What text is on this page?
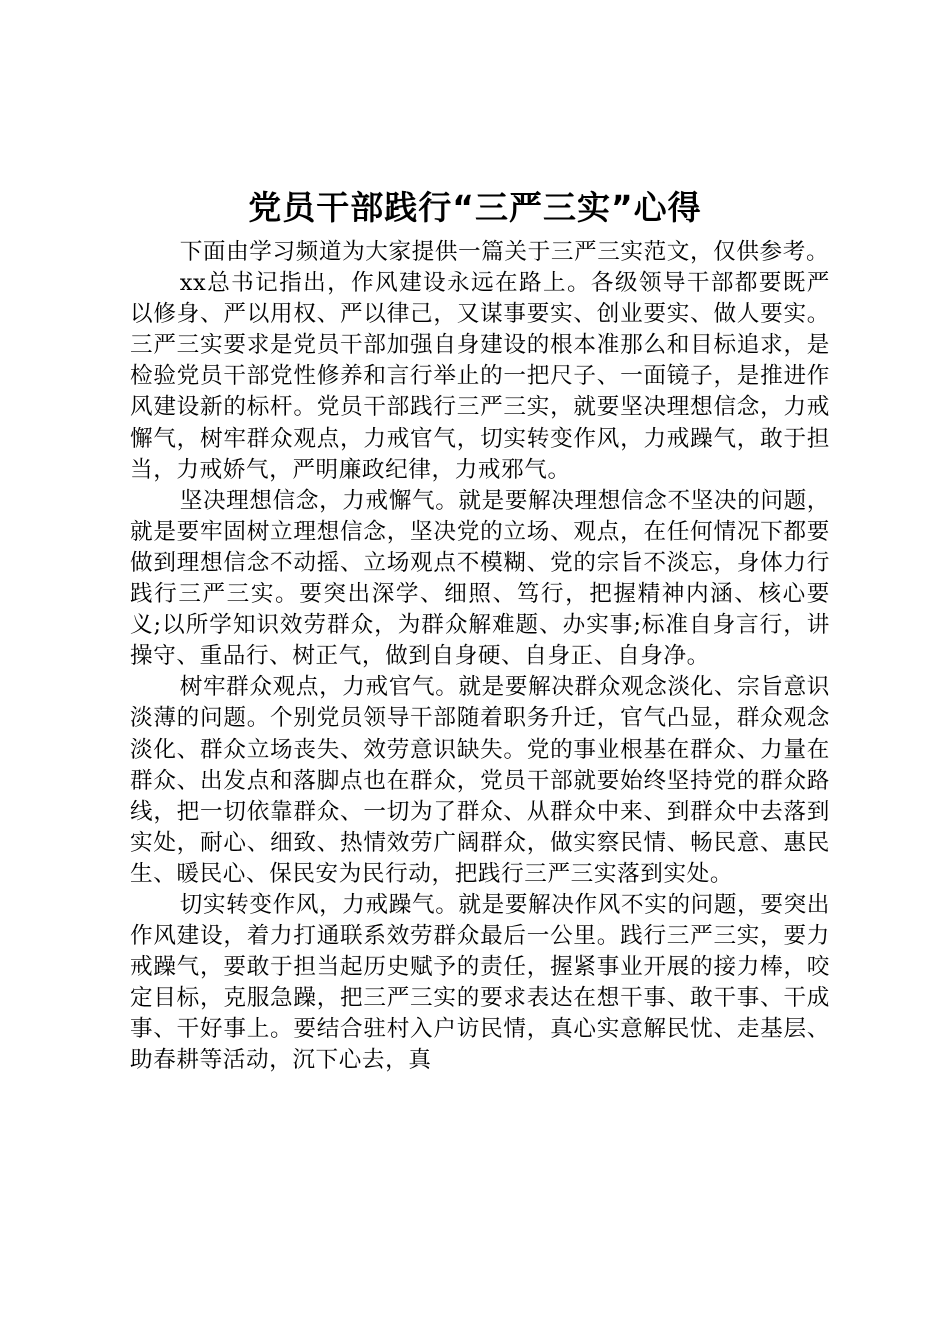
党员干部践行“三严三实”心得

下面由学习频道为大家提供一篇关于三严三实范文，仅供参考。

xx总书记指出，作风建设永远在路上。各级领导干部都要既严以修身、严以用权、严以律己，又谋事要实、创业要实、做人要实。三严三实要求是党员干部加强自身建设的根本准那么和目标追求，是检验党员干部党性修养和言行举止的一把尺子、一面镜子，是推进作风建设新的标杆。党员干部践行三严三实，就要坚决理想信念，力戒懈气，树牢群众观点，力戒官气，切实转变作风，力戒躁气，敢于担当，力戒娇气，严明廉政纪律，力戒邪气。

坚决理想信念，力戒懈气。就是要解决理想信念不坚决的问题，就是要牢固树立理想信念，坚决党的立场、观点，在任何情况下都要做到理想信念不动摇、立场观点不模糊、党的宗旨不淡忘，身体力行践行三严三实。要突出深学、细照、笃行，把握精神内涵、核心要义;以所学知识效劳群众，为群众解难题、办实事;标准自身言行，讲操守、重品行、树正气，做到自身硬、自身正、自身净。

树牢群众观点，力戒官气。就是要解决群众观念淡化、宗旨意识淡薄的问题。个别党员领导干部随着职务升迁，官气凸显，群众观念淡化、群众立场丧失、效劳意识缺失。党的事业根基在群众、力量在群众、出发点和落脚点也在群众，党员干部就要始终坚持党的群众路线，把一切依靠群众、一切为了群众、从群众中来、到群众中去落到实处，耐心、细致、热情效劳广阔群众，做实察民情、畅民意、惠民生、暖民心、保民安为民行动，把践行三严三实落到实处。

切实转变作风，力戒躁气。就是要解决作风不实的问题，要突出作风建设，着力打通联系效劳群众最后一公里。践行三严三实，要力戒躁气，要敢于担当起历史赋予的责任，握紧事业开展的接力棒，咬定目标，克服急躁，把三严三实的要求表达在想干事、敢干事、干成事、干好事上。要结合驻村入户访民情，真心实意解民忧、走基层、助春耕等活动，沉下心去，真
